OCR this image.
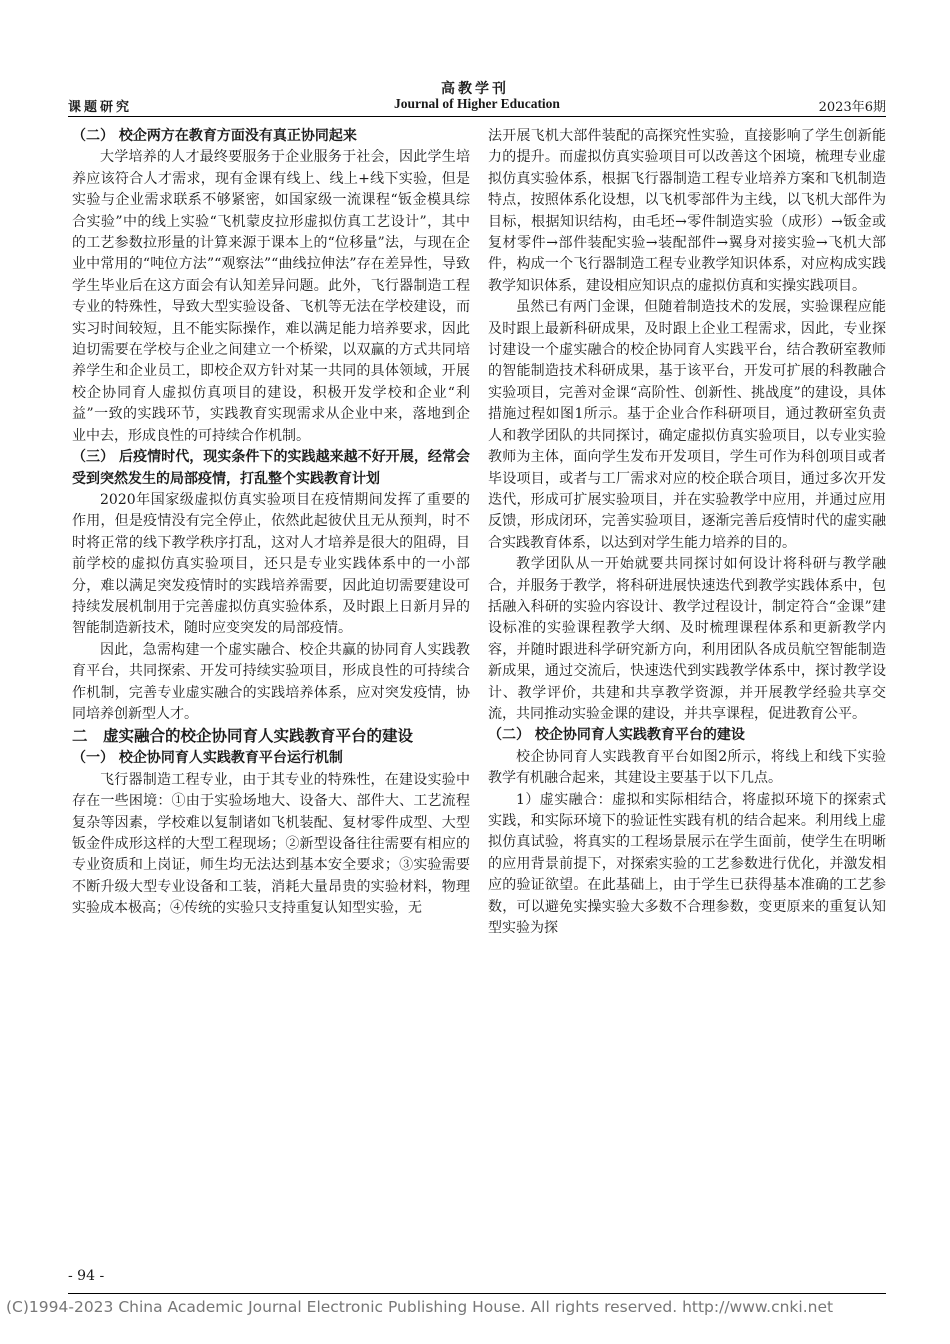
高教学刊
课题研究	Journal of Higher Education	2023年6期
（二） 校企两方在教育方面没有真正协同起来

大学培养的人才最终要服务于企业服务于社会，因此学生培养应该符合人才需求，现有金课有线上、线上+线下实验，但是实验与企业需求联系不够紧密，如国家级一流课程“钣金模具综合实验”中的线上实验“飞机蒙皮拉形虚拟仿真工艺设计”，其中的工艺参数拉形量的计算来源于课本上的“位移量”法，与现在企业中常用的“吨位方法”“观察法”“曲线拉伸法”存在差异性，导致学生毕业后在这方面会有认知差异问题。此外，飞行器制造工程专业的特殊性，导致大型实验设备、飞机等无法在学校建设，而实习时间较短，且不能实际操作，难以满足能力培养要求，因此迫切需要在学校与企业之间建立一个桥梁，以双赢的方式共同培养学生和企业员工，即校企双方针对某一共同的具体领域，开展校企协同育人虚拟仿真项目的建设，积极开发学校和企业“利益”一致的实践环节，实践教育实现需求从企业中来，落地到企业中去，形成良性的可持续合作机制。

（三） 后疫情时代，现实条件下的实践越来越不好开展，经常会受到突然发生的局部疫情，打乱整个实践教育计划

2020年国家级虚拟仿真实验项目在疫情期间发挥了重要的作用，但是疫情没有完全停止，依然此起彼伏且无从预判，时不时将正常的线下教学秩序打乱，这对人才培养是很大的阻碍，目前学校的虚拟仿真实验项目，还只是专业实践体系中的一小部分，难以满足突发疫情时的实践培养需要，因此迫切需要建设可持续发展机制用于完善虚拟仿真实验体系，及时跟上日新月异的智能制造新技术，随时应变突发的局部疫情。

因此，急需构建一个虚实融合、校企共赢的协同育人实践教育平台，共同探索、开发可持续实验项目，形成良性的可持续合作机制，完善专业虚实融合的实践培养体系，应对突发疫情，协同培养创新型人才。

二　虚实融合的校企协同育人实践教育平台的建设
（一） 校企协同育人实践教育平台运行机制

飞行器制造工程专业，由于其专业的特殊性，在建设实验中存在一些困境：①由于实验场地大、设备大、部件大、工艺流程复杂等因素，学校难以复制诸如飞机装配、复材零件成型、大型钣金件成形这样的大型工程现场；②新型设备往往需要有相应的专业资质和上岗证，师生均无法达到基本安全要求；③实验需要不断升级大型专业设备和工装，消耗大量昂贵的实验材料，物理实验成本极高；④传统的实验只支持重复认知型实验，无

法开展飞机大部件装配的高探究性实验，直接影响了学生创新能力的提升。而虚拟仿真实验项目可以改善这个困境，梳理专业虚拟仿真实验体系，根据飞行器制造工程专业培养方案和飞机制造特点，按照体系化设想，以飞机零部件为主线，以飞机大部件为目标，根据知识结构，由毛坯→零件制造实验（成形）→钣金或复材零件→部件装配实验→装配部件→翼身对接实验→飞机大部件，构成一个飞行器制造工程专业教学知识体系，对应构成实践教学知识体系，建设相应知识点的虚拟仿真和实操实践项目。

虽然已有两门金课，但随着制造技术的发展，实验课程应能及时跟上最新科研成果，及时跟上企业工程需求，因此，专业探讨建设一个虚实融合的校企协同育人实践平台，结合教研室教师的智能制造技术科研成果，基于该平台，开发可扩展的科教融合实验项目，完善对金课“高阶性、创新性、挑战度”的建设，具体措施过程如图1所示。基于企业合作科研项目，通过教研室负责人和教学团队的共同探讨，确定虚拟仿真实验项目，以专业实验教师为主体，面向学生发布开发项目，学生可作为科创项目或者毕设项目，或者与工厂需求对应的校企联合项目，通过多次开发迭代，形成可扩展实验项目，并在实验教学中应用，并通过应用反馈，形成闭环，完善实验项目，逐渐完善后疫情时代的虚实融合实践教育体系，以达到对学生能力培养的目的。

教学团队从一开始就要共同探讨如何设计将科研与教学融合，并服务于教学，将科研进展快速迭代到教学实践体系中，包括融入科研的实验内容设计、教学过程设计，制定符合“金课”建设标准的实验课程教学大纲、及时梳理课程体系和更新教学内容，并随时跟进科学研究新方向，利用团队各成员航空智能制造新成果，通过交流后，快速迭代到实践教学体系中，探讨教学设计、教学评价，共建和共享教学资源，并开展教学经验共享交流，共同推动实验金课的建设，并共享课程，促进教育公平。

（二） 校企协同育人实践教育平台的建设

校企协同育人实践教育平台如图2所示，将线上和线下实验教学有机融合起来，其建设主要基于以下几点。

1）虚实融合：虚拟和实际相结合，将虚拟环境下的探索式实践，和实际环境下的验证性实践有机的结合起来。利用线上虚拟仿真试验，将真实的工程场景展示在学生面前，使学生在明晰的应用背景前提下，对探索实验的工艺参数进行优化，并激发相应的验证欲望。在此基础上，由于学生已获得基本准确的工艺参数，可以避免实操实验大多数不合理参数，变更原来的重复认知型实验为探

- 94 -
(C)1994-2023 China Academic Journal Electronic Publishing House. All rights reserved. http://www.cnki.net
